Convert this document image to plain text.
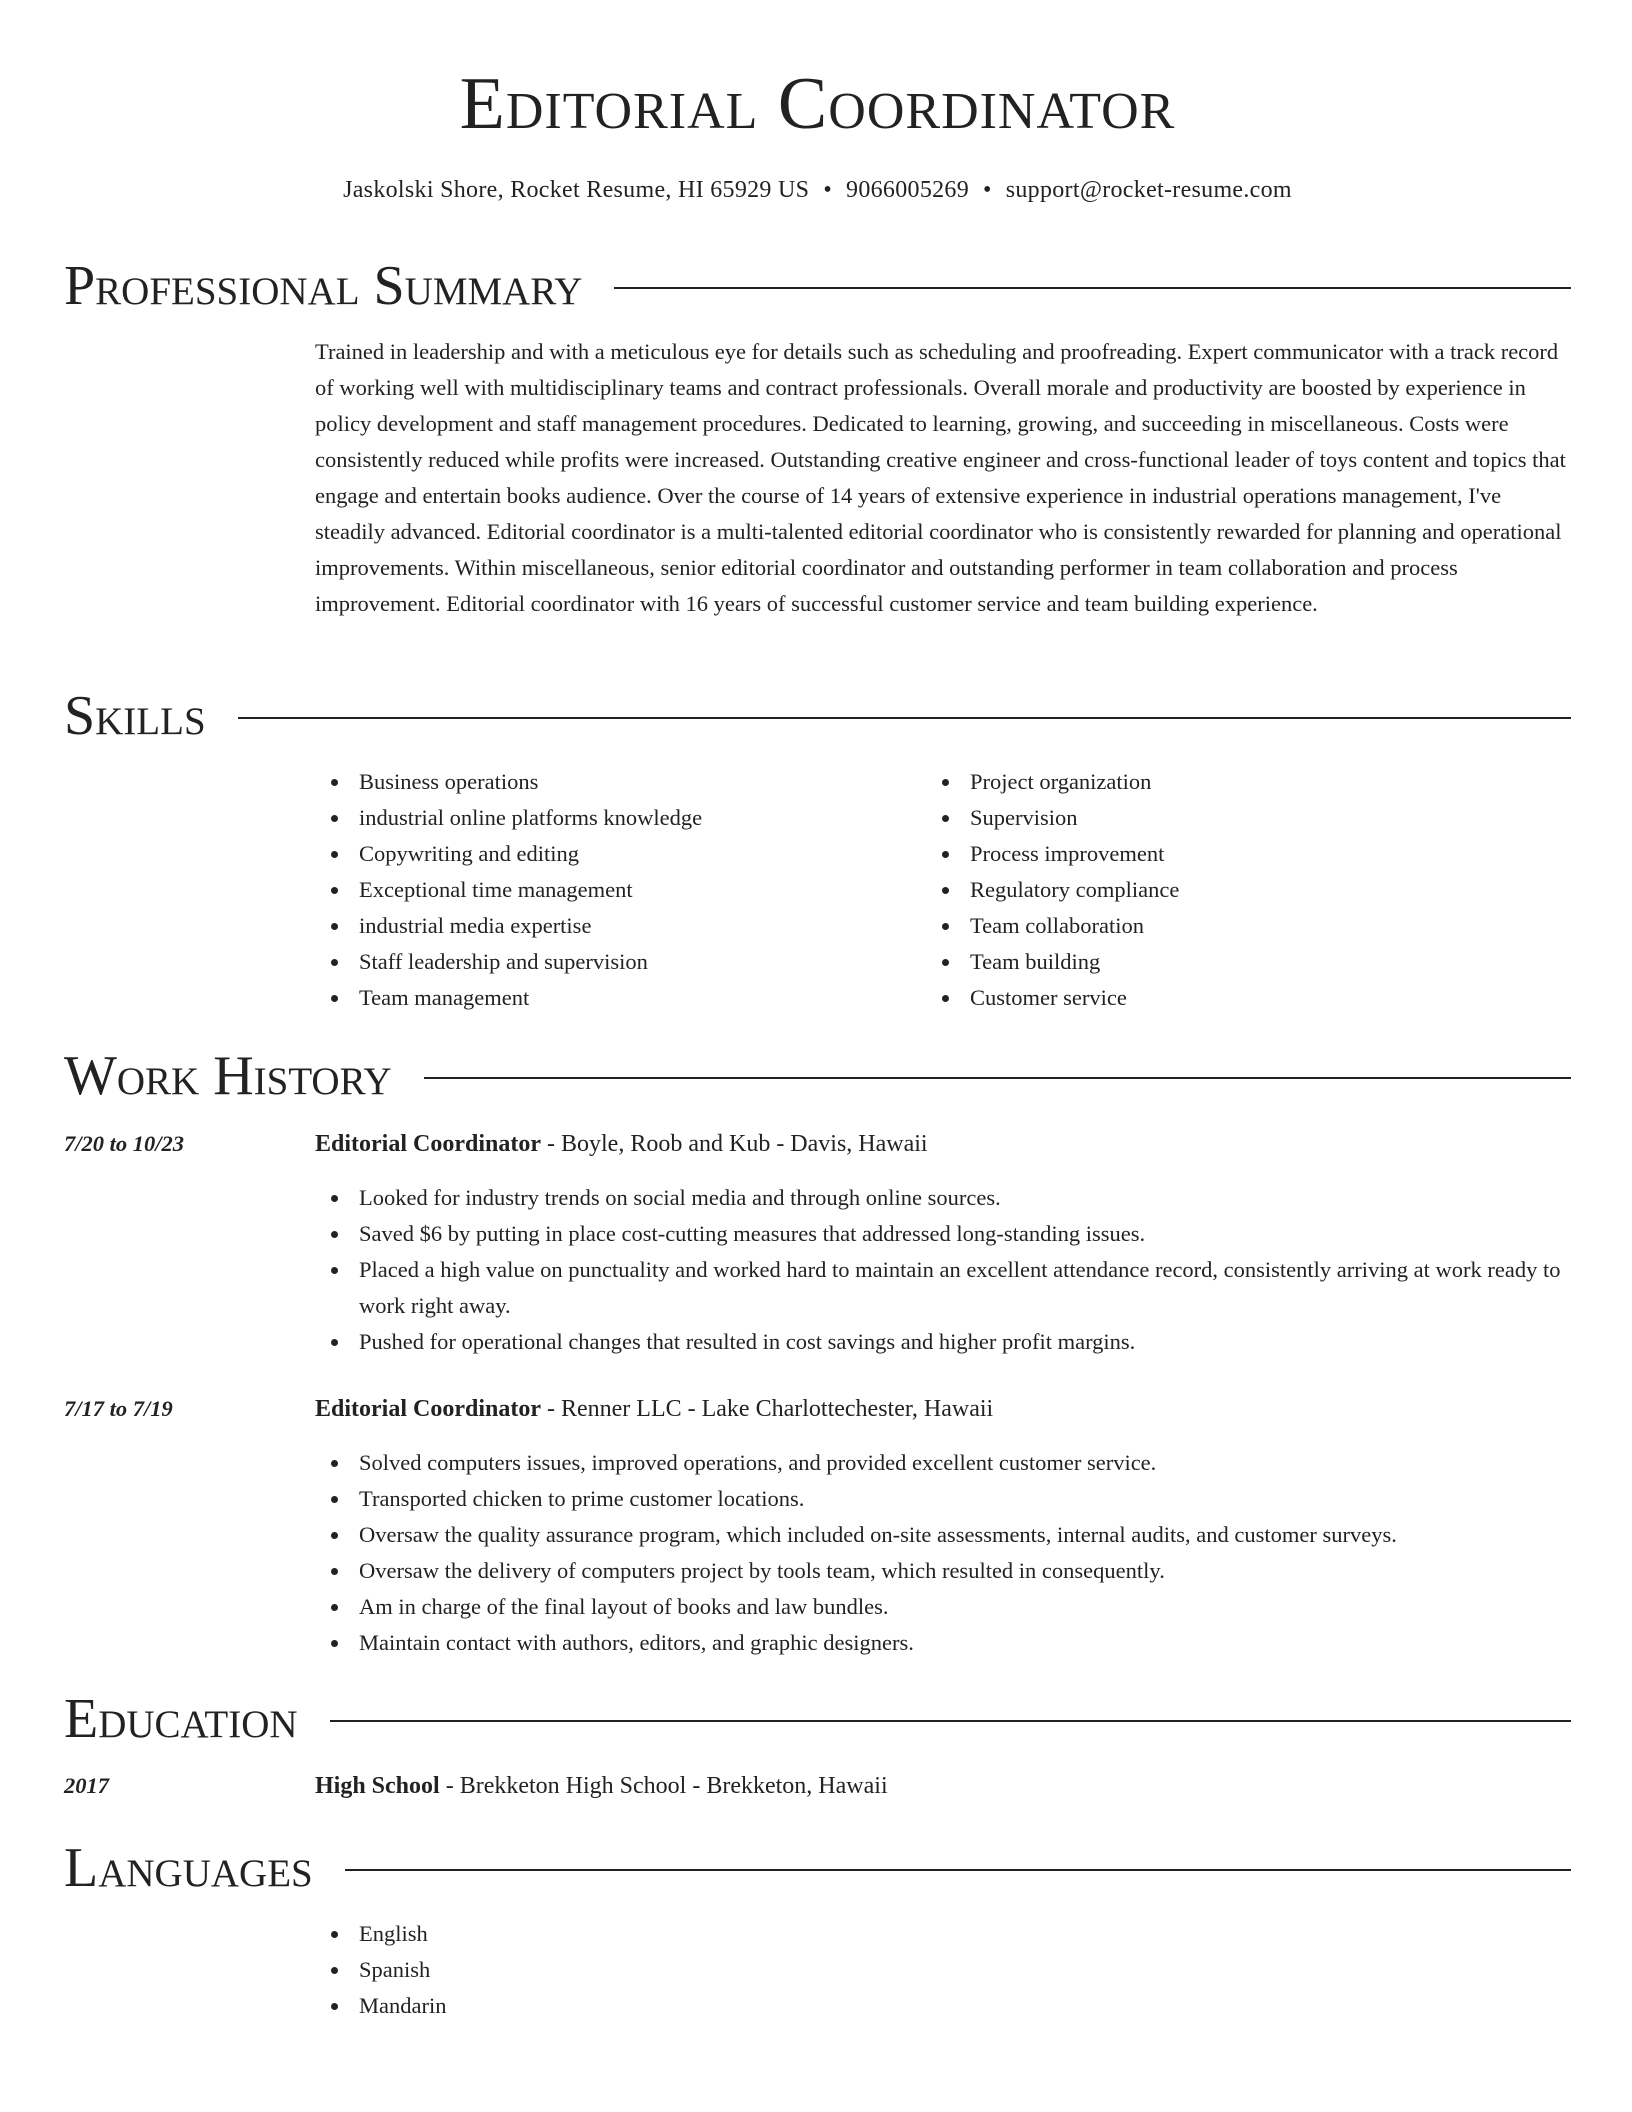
Editorial Coordinator
Jaskolski Shore, Rocket Resume, HI 65929 US • 9066005269 • support@rocket-resume.com
Professional Summary
Trained in leadership and with a meticulous eye for details such as scheduling and proofreading. Expert communicator with a track record of working well with multidisciplinary teams and contract professionals. Overall morale and productivity are boosted by experience in policy development and staff management procedures. Dedicated to learning, growing, and succeeding in miscellaneous. Costs were consistently reduced while profits were increased. Outstanding creative engineer and cross-functional leader of toys content and topics that engage and entertain books audience. Over the course of 14 years of extensive experience in industrial operations management, I've steadily advanced. Editorial coordinator is a multi-talented editorial coordinator who is consistently rewarded for planning and operational improvements. Within miscellaneous, senior editorial coordinator and outstanding performer in team collaboration and process improvement. Editorial coordinator with 16 years of successful customer service and team building experience.
Skills
Business operations
industrial online platforms knowledge
Copywriting and editing
Exceptional time management
industrial media expertise
Staff leadership and supervision
Team management
Project organization
Supervision
Process improvement
Regulatory compliance
Team collaboration
Team building
Customer service
Work History
7/20 to 10/23	Editorial Coordinator - Boyle, Roob and Kub - Davis, Hawaii
Looked for industry trends on social media and through online sources.
Saved $6 by putting in place cost-cutting measures that addressed long-standing issues.
Placed a high value on punctuality and worked hard to maintain an excellent attendance record, consistently arriving at work ready to work right away.
Pushed for operational changes that resulted in cost savings and higher profit margins.
7/17 to 7/19	Editorial Coordinator - Renner LLC - Lake Charlottechester, Hawaii
Solved computers issues, improved operations, and provided excellent customer service.
Transported chicken to prime customer locations.
Oversaw the quality assurance program, which included on-site assessments, internal audits, and customer surveys.
Oversaw the delivery of computers project by tools team, which resulted in consequently.
Am in charge of the final layout of books and law bundles.
Maintain contact with authors, editors, and graphic designers.
Education
2017	High School - Brekketon High School - Brekketon, Hawaii
Languages
English
Spanish
Mandarin
